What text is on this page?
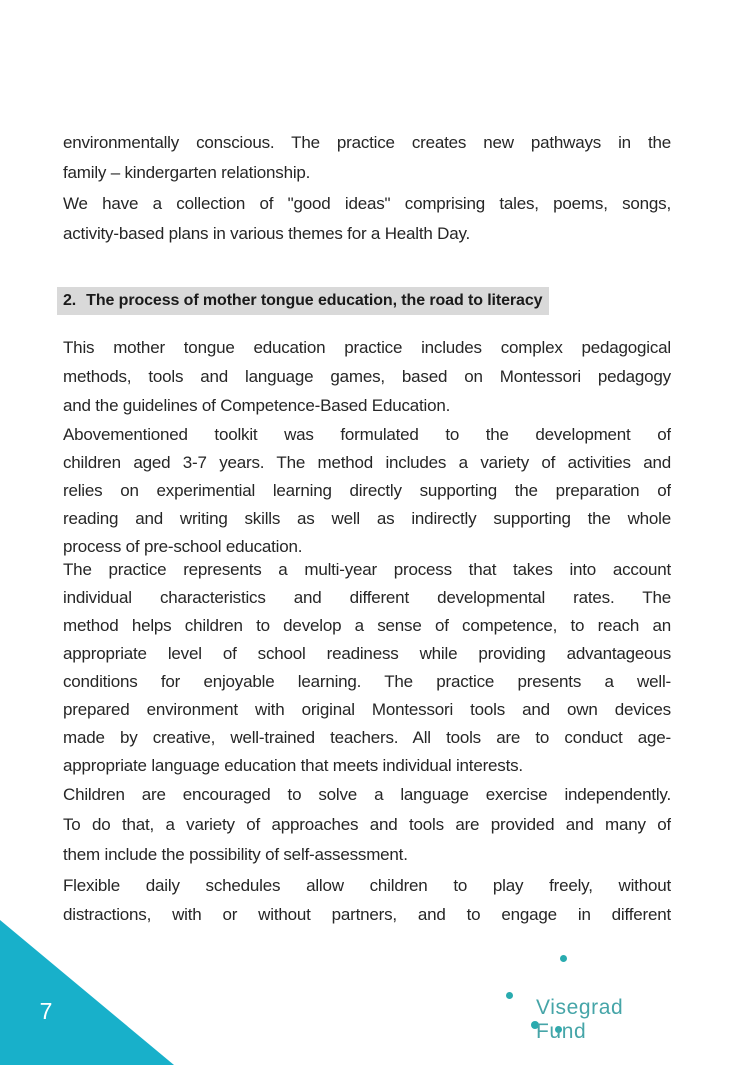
environmentally conscious. The practice creates new pathways in the
family – kindergarten relationship.
We have a collection of "good ideas" comprising tales, poems, songs,
activity-based plans in various themes for a Health Day.
2. The process of mother tongue education, the road to literacy
This mother tongue education practice includes complex pedagogical
methods, tools and language games, based on Montessori pedagogy
and the guidelines of Competence-Based Education.
Abovementioned toolkit was formulated to the development of
children aged 3-7 years. The method includes a variety of activities and
relies on experimential learning directly supporting the preparation of
reading and writing skills as well as indirectly supporting the whole
process of pre-school education.
The practice represents a multi-year process that takes into account
individual characteristics and different developmental rates. The
method helps children to develop a sense of competence, to reach an
appropriate level of school readiness while providing advantageous
conditions for enjoyable learning. The practice presents a well-
prepared environment with original Montessori tools and own devices
made by creative, well-trained teachers. All tools are to conduct age-
appropriate language education that meets individual interests.
Children are encouraged to solve a language exercise independently.
To do that, a variety of approaches and tools are provided and many of
them include the possibility of self-assessment.
Flexible daily schedules allow children to play freely, without
distractions, with or without partners, and to engage in different
7	Visegrad Fund
